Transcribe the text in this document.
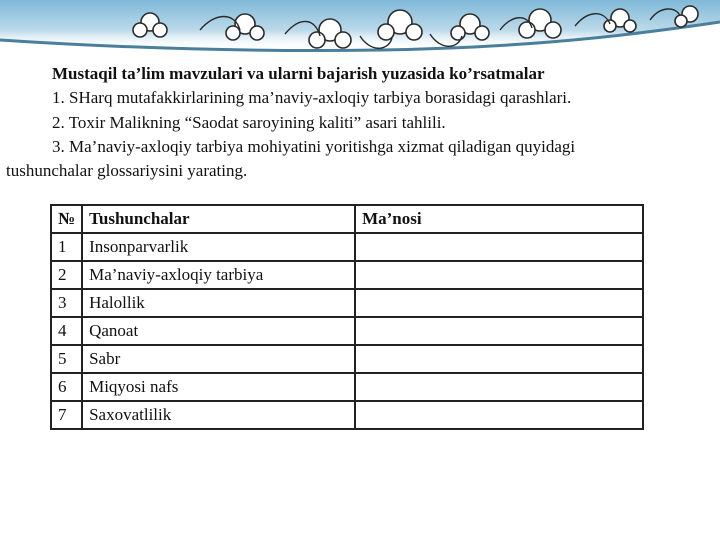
Mustaqil ta’lim mavzulari va ularni bajarish yuzasida ko’rsatmalar
1. SHarq mutafakkirlarining ma’naviy-axloqiy tarbiya borasidagi qarashlari.
2. Toxir Malikning “Saodat saroyining kaliti” asari tahlili.
3. Ma’naviy-axloqiy tarbiya mohiyatini yoritishga xizmat qiladigan quyidagi
tushunchalar glossariysini yarating.
№	Tushunchalar	Ma’nosi
1	Insonparvarlik	
2	Ma’naviy-axloqiy tarbiya	
3	Halollik	
4	Qanoat	
5	Sabr	
6	Miqyosi nafs	
7	Saxovatlilik	
